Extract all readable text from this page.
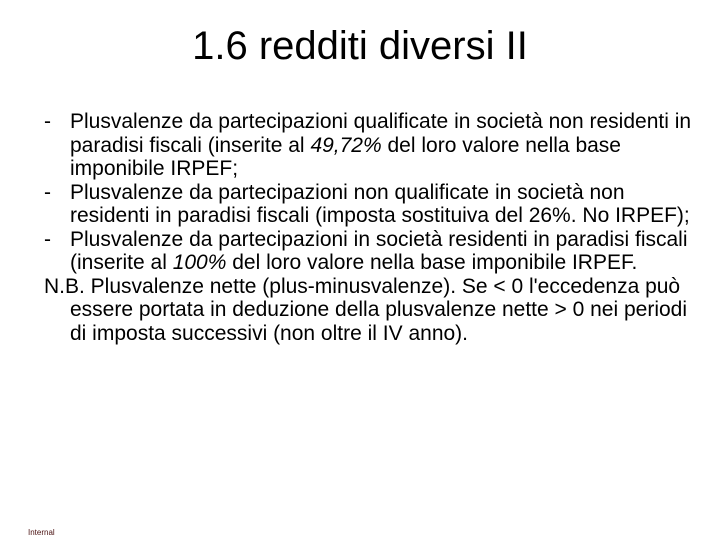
1.6 redditi diversi II

- Plusvalenze da partecipazioni qualificate in società non residenti in paradisi fiscali (inserite al 49,72% del loro valore nella base imponibile IRPEF;

- Plusvalenze da partecipazioni non qualificate in società non residenti in paradisi fiscali (imposta sostituiva del 26%. No IRPEF);

- Plusvalenze da partecipazioni in società residenti in paradisi fiscali (inserite al 100% del loro valore nella base imponibile IRPEF.

N.B. Plusvalenze nette (plus-minusvalenze). Se < 0 l'eccedenza può essere portata in deduzione della plusvalenze nette > 0 nei periodi di imposta successivi (non oltre il IV anno).

Internal
